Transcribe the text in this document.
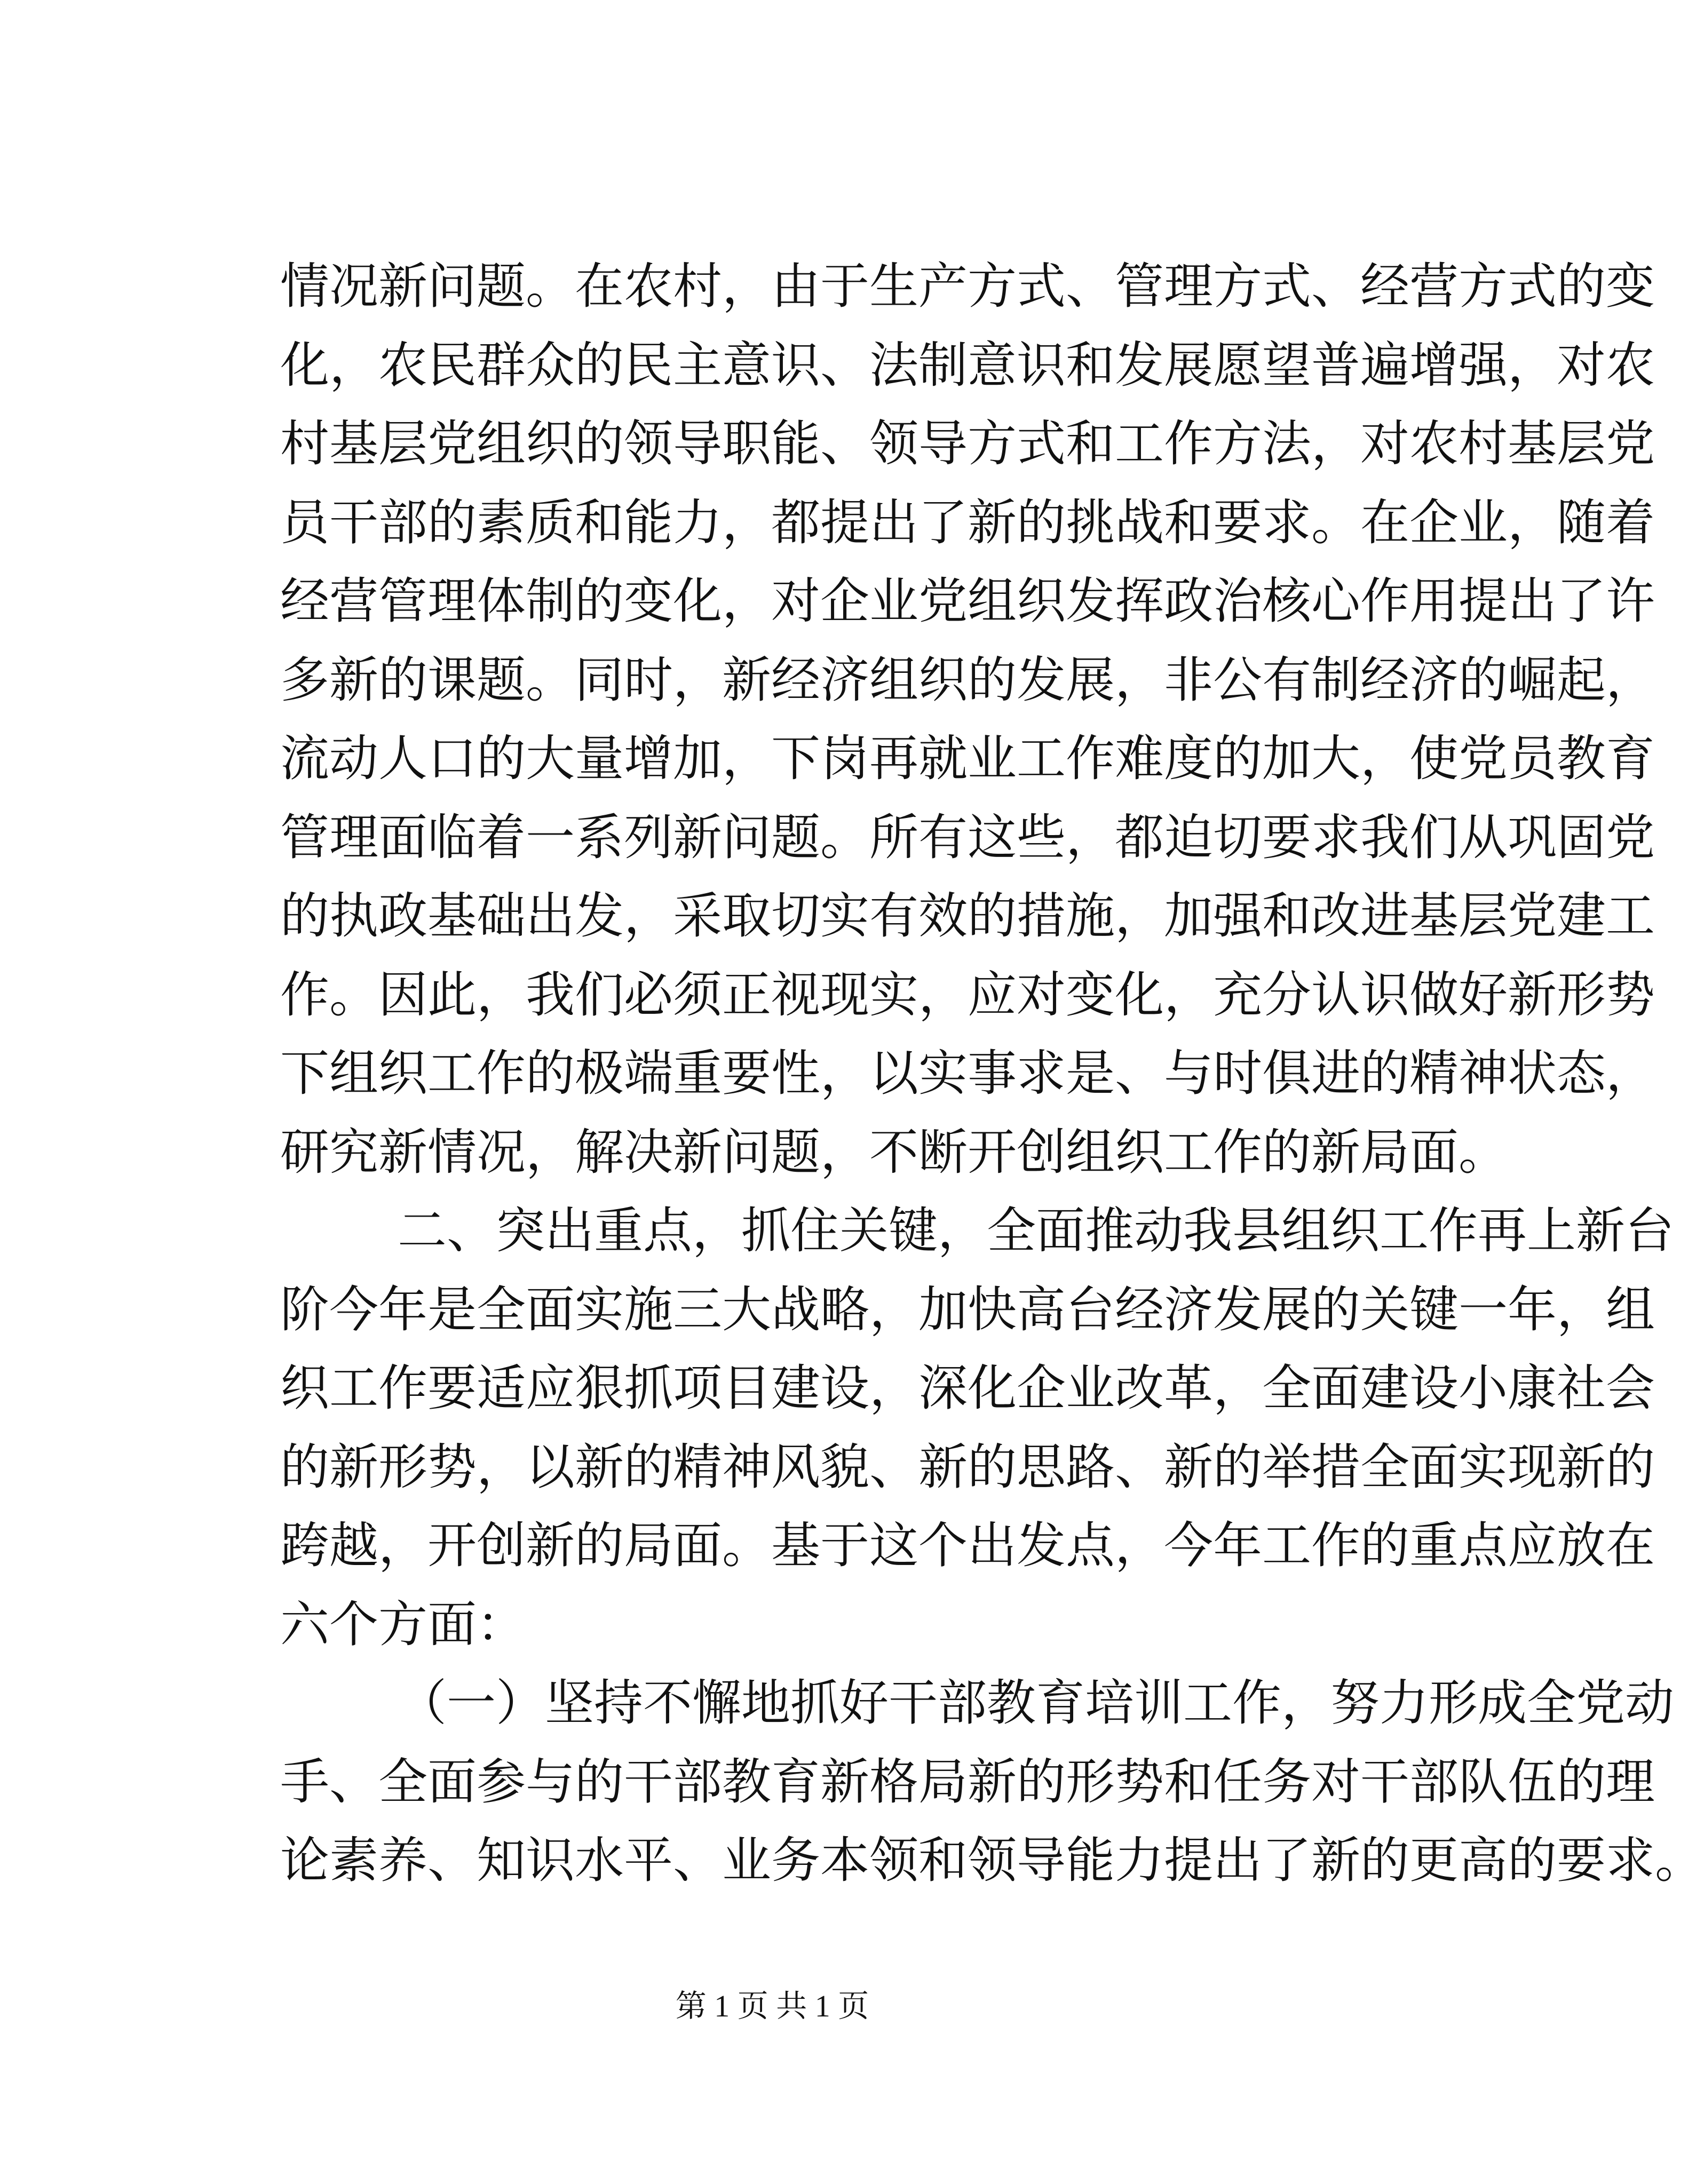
情况新问题。在农村，由于生产方式、管理方式、经营方式的变
化，农民群众的民主意识、法制意识和发展愿望普遍增强，对农
村基层党组织的领导职能、领导方式和工作方法，对农村基层党
员干部的素质和能力，都提出了新的挑战和要求。在企业，随着
经营管理体制的变化，对企业党组织发挥政治核心作用提出了许
多新的课题。同时，新经济组织的发展，非公有制经济的崛起，
流动人口的大量增加，下岗再就业工作难度的加大，使党员教育
管理面临着一系列新问题。所有这些，都迫切要求我们从巩固党
的执政基础出发，采取切实有效的措施，加强和改进基层党建工
作。因此，我们必须正视现实，应对变化，充分认识做好新形势
下组织工作的极端重要性，以实事求是、与时俱进的精神状态，
研究新情况，解决新问题，不断开创组织工作的新局面。
二、突出重点，抓住关键，全面推动我县组织工作再上新台
阶今年是全面实施三大战略，加快高台经济发展的关键一年，组
织工作要适应狠抓项目建设，深化企业改革，全面建设小康社会
的新形势，以新的精神风貌、新的思路、新的举措全面实现新的
跨越，开创新的局面。基于这个出发点，今年工作的重点应放在
六个方面：
（一）坚持不懈地抓好干部教育培训工作，努力形成全党动
手、全面参与的干部教育新格局新的形势和任务对干部队伍的理
论素养、知识水平、业务本领和领导能力提出了新的更高的要求。
第 1 页 共 1 页
